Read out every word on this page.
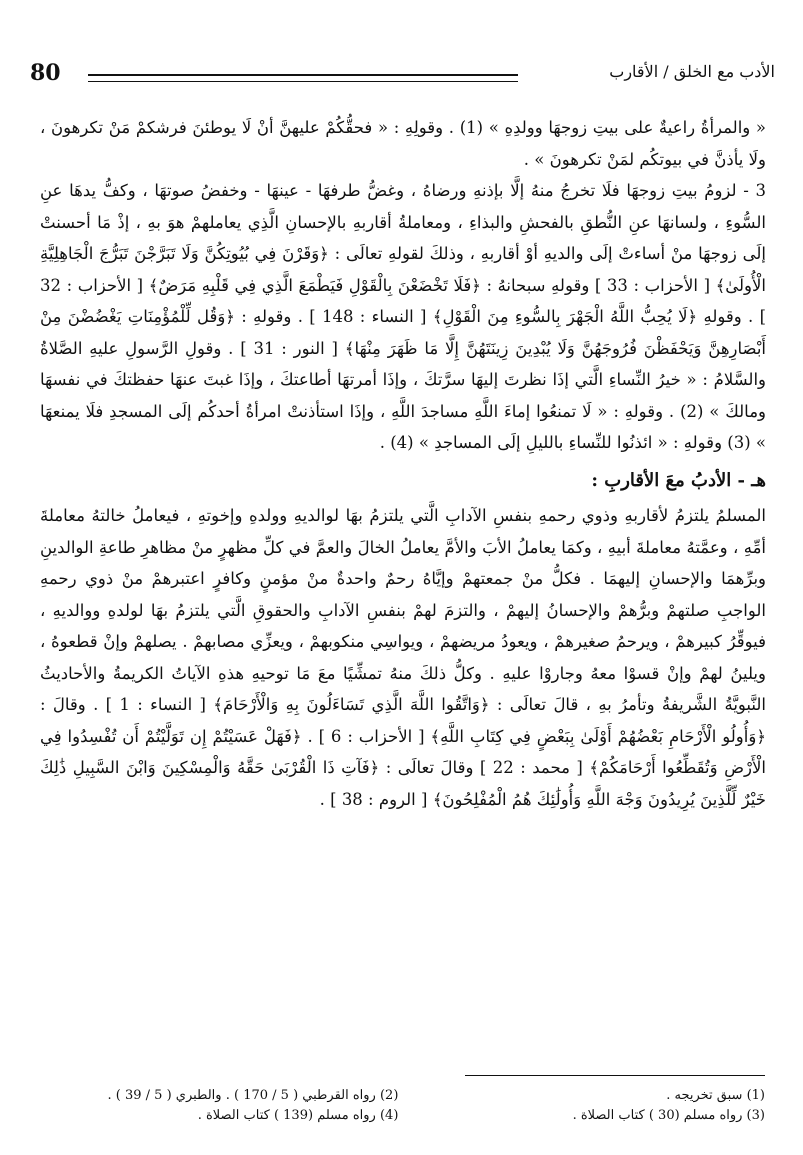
80	الأدب مع الخلق / الأقارب

« والمرأةُ راعيةٌ على بيتِ زوجهَا وولدِهِ » (1) . وقولِهِ : « فحقُّكُمْ عليهنَّ أنْ لَا يوطئنَ فرشكمْ مَنْ تكرهونَ ، ولَا يأذنَّ في بيوتكُم لمَنْ تكرهونَ » .

3 - لزومُ بيتِ زوجهَا فلَا تخرجُ منهُ إلَّا بإذنهِ ورضاهُ ، وغضُّ طرفهَا - عينهَا - وخفضُ صوتهَا ، وكفُّ يدهَا عنِ السُّوءِ ، ولسانهَا عنِ النُّطقِ بالفحشِ والبذاءِ ، ومعاملةُ أقاربهِ بالإحسانِ الَّذِي يعاملهمْ هوَ بهِ ، إذْ مَا أحسنتْ إلَى زوجهَا منْ أساءتْ إلَى والديهِ أوْ أقاربهِ ، وذلكَ لقولهِ تعالَى : ﴿وَقَرْنَ فِي بُيُوتِكُنَّ وَلَا تَبَرَّجْنَ تَبَرُّجَ الْجَاهِلِيَّةِ الْأُولَىٰ﴾ [ الأحزاب : 33 ] وقولهِ سبحانهُ : ﴿فَلَا تَخْضَعْنَ بِالْقَوْلِ فَيَطْمَعَ الَّذِي فِي قَلْبِهِ مَرَضٌ﴾ [ الأحزاب : 32 ] . وقولهِ ﴿لَا يُحِبُّ اللَّهُ الْجَهْرَ بِالسُّوءِ مِنَ الْقَوْلِ﴾ [ النساء : 148 ] . وقولهِ : ﴿وَقُل لِّلْمُؤْمِنَاتِ يَغْضُضْنَ مِنْ أَبْصَارِهِنَّ وَيَحْفَظْنَ فُرُوجَهُنَّ وَلَا يُبْدِينَ زِينَتَهُنَّ إِلَّا مَا ظَهَرَ مِنْهَا﴾ [ النور : 31 ] . وقولِ الرَّسولِ عليهِ الصَّلاةُ والسَّلامُ : « خيرُ النِّساءِ الَّتي إذَا نظرتَ إليهَا سرَّتكَ ، وإذَا أمرتهَا أطاعتكَ ، وإذَا غبتَ عنهَا حفظتكَ في نفسهَا ومالكَ » (2) . وقولهِ : « لَا تمنعُوا إماءَ اللَّهِ مساجدَ اللَّهِ ، وإذَا استأذنتْ امرأةُ أحدكُم إلَى المسجدِ فلَا يمنعهَا » (3) وقولهِ : « ائذنُوا للنِّساءِ بالليلِ إلَى المساجدِ » (4) .

هـ - الأدبُ معَ الأقاربِ :

المسلمُ يلتزمُ لأقاربهِ وذوي رحمهِ بنفسِ الآدابِ الَّتي يلتزمُ بهَا لوالديهِ وولدهِ وإخوتهِ ، فيعاملُ خالتهُ معاملةَ أمِّهِ ، وعمَّتهُ معاملةَ أبيهِ ، وكمَا يعاملُ الأبَ والأمَّ يعاملُ الخالَ والعمَّ في كلِّ مظهرٍ منْ مظاهرِ طاعةِ الوالدينِ وبرِّهمَا والإحسانِ إليهمَا . فكلُّ منْ جمعتهمْ وإيَّاهُ رحمٌ واحدةٌ منْ مؤمنٍ وكافرٍ اعتبرهمْ منْ ذوي رحمهِ الواجبِ صلتهمْ وبرُّهمْ والإحسانُ إليهمْ ، والتزمَ لهمْ بنفسِ الآدابِ والحقوقِ الَّتي يلتزمُ بهَا لولدهِ ووالديهِ ، فيوقِّرُ كبيرهمْ ، ويرحمُ صغيرهمْ ، ويعودُ مريضهمْ ، ويواسِي منكوبهمْ ، ويعزِّي مصابهمْ . يصلهمْ وإنْ قطعوهُ ، ويلينُ لهمْ وإنْ قسوْا معهُ وجاروْا عليهِ . وكلُّ ذلكَ منهُ تمشِّيًا معَ مَا توحيهِ هذهِ الآياتُ الكريمةُ والأحاديثُ النَّبويَّةُ الشَّريفةُ وتأمرُ بهِ ، قالَ تعالَى : ﴿وَاتَّقُوا اللَّهَ الَّذِي تَسَاءَلُونَ بِهِ وَالْأَرْحَامَ﴾ [ النساء : 1 ] . وقالَ : ﴿وَأُولُو الْأَرْحَامِ بَعْضُهُمْ أَوْلَىٰ بِبَعْضٍ فِي كِتَابِ اللَّهِ﴾ [ الأحزاب : 6 ] . ﴿فَهَلْ عَسَيْتُمْ إِن تَوَلَّيْتُمْ أَن تُفْسِدُوا فِي الْأَرْضِ وَتُقَطِّعُوا أَرْحَامَكُمْ﴾ [ محمد : 22 ] وقالَ تعالَى : ﴿فَآتِ ذَا الْقُرْبَىٰ حَقَّهُ وَالْمِسْكِينَ وَابْنَ السَّبِيلِ ذَٰلِكَ خَيْرٌ لِّلَّذِينَ يُرِيدُونَ وَجْهَ اللَّهِ وَأُولَٰئِكَ هُمُ الْمُفْلِحُونَ﴾ [ الروم : 38 ] .

(1) سبق تخريجه .
(2) رواه القرطبي ( 5 / 170 ) . والطبري ( 5 / 39 ) .
(3) رواه مسلم (30 ) كتاب الصلاة .
(4) رواه مسلم (139 ) كتاب الصلاة .
